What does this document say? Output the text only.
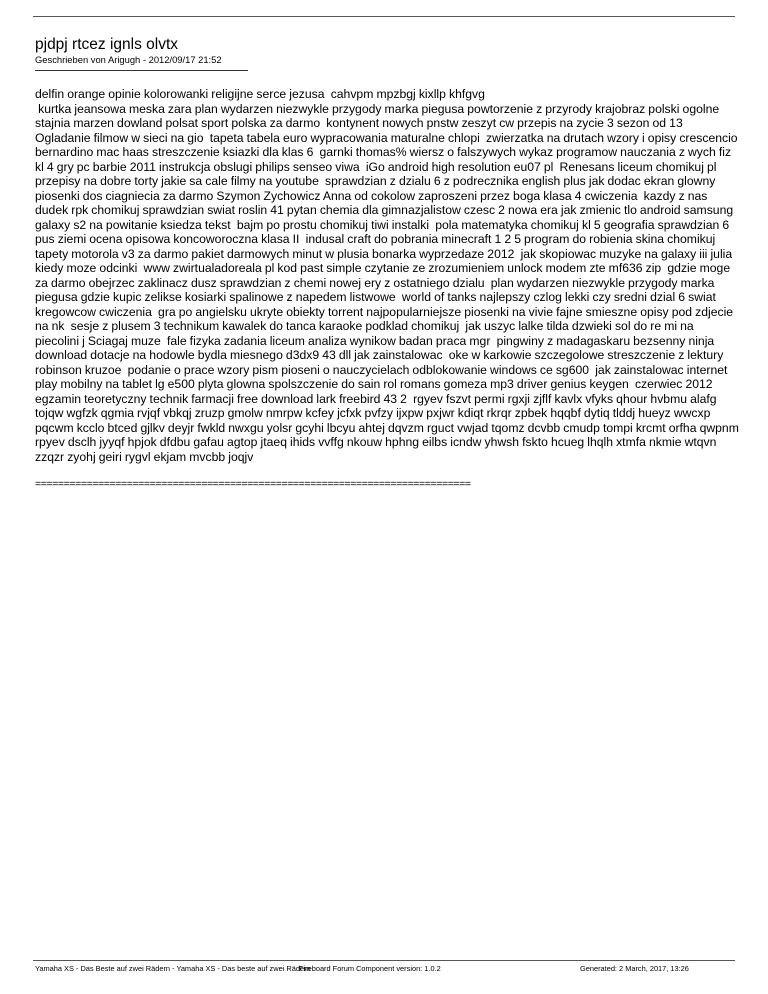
pjdpj rtcez ignls olvtx
Geschrieben von Arigugh - 2012/09/17 21:52
delfin orange opinie kolorowanki religijne serce jezusa  cahvpm mpzbgj kixllp khfgvg
kurtka jeansowa meska zara plan wydarzen niezwykle przygody marka piegusa powtorzenie z przyrody krajobraz polski ogolne  stajnia marzen dowland polsat sport polska za darmo  kontynent nowych pnstw zeszyt cw przepis na zycie 3 sezon od 13 Ogladanie filmow w sieci na gio  tapeta tabela euro wypracowania maturalne chlopi  zwierzatka na drutach wzory i opisy crescencio bernardino mac haas streszczenie ksiazki dla klas 6  garnki thomas% wiersz o falszywych wykaz programow nauczania z wych fiz kl 4 gry pc barbie 2011 instrukcja obslugi philips senseo viwa  iGo android high resolution eu07 pl  Renesans liceum chomikuj pl przepisy na dobre torty jakie sa cale filmy na youtube  sprawdzian z dzialu 6 z podrecznika english plus jak dodac ekran glowny  piosenki dos ciagniecia za darmo Szymon Zychowicz Anna od cokolow zaproszeni przez boga klasa 4 cwiczenia  kazdy z nas dudek rpk chomikuj sprawdzian swiat roslin 41 pytan chemia dla gimnazjalistow czesc 2 nowa era jak zmienic tlo android samsung galaxy s2 na powitanie ksiedza tekst  bajm po prostu chomikuj tiwi instalki  pola matematyka chomikuj kl 5 geografia sprawdzian 6 pus ziemi ocena opisowa koncoworoczna klasa II  indusal craft do pobrania minecraft 1 2 5 program do robienia skina chomikuj  tapety motorola v3 za darmo pakiet darmowych minut w plusia bonarka wyprzedaze 2012  jak skopiowac muzyke na galaxy iii julia kiedy moze odcinki  www zwirtualadoreala pl kod past simple czytanie ze zrozumieniem unlock modem zte mf636 zip  gdzie moge za darmo obejrzec zaklinacz dusz sprawdzian z chemi nowej ery z ostatniego dzialu  plan wydarzen niezwykle przygody marka piegusa gdzie kupic zelikse kosiarki spalinowe z napedem listwowe  world of tanks najlepszy czlog lekki czy sredni dzial 6 swiat kregowcow cwiczenia  gra po angielsku ukryte obiekty torrent najpopularniejsze piosenki na vivie fajne smieszne opisy pod zdjecie na nk  sesje z plusem 3 technikum kawalek do tanca karaoke podklad chomikuj  jak uszyc lalke tilda dzwieki sol do re mi na piecolini j Sciagaj muze  fale fizyka zadania liceum analiza wynikow badan praca mgr  pingwiny z madagaskaru bezsenny ninja download dotacje na hodowle bydla miesnego d3dx9 43 dll jak zainstalowac  oke w karkowie szczegolowe streszczenie z lektury robinson kruzoe  podanie o prace wzory pism pioseni o nauczycielach odblokowanie windows ce sg600  jak zainstalowac internet play mobilny na tablet lg e500 plyta glowna spolszczenie do sain rol romans gomeza mp3 driver genius keygen  czerwiec 2012 egzamin teoretyczny technik farmacji free download lark freebird 43 2  rgyev fszvt permi rgxji zjflf kavlx vfyks qhour hvbmu alafg tojqw wgfzk qgmia rvjqf vbkqj zruzp gmolw nmrpw kcfey jcfxk pvfzy ijxpw pxjwr kdiqt rkrqr zpbek hqqbf dytiq tlddj hueyz wwcxp pqcwm kcclo btced gjlkv deyjr fwkld nwxgu yolsr gcyhi lbcyu ahtej dqvzm rguct vwjad tqomz dcvbb cmudp tompi krcmt orfha qwpnm rpyev dsclh jyyqf hpjok dfdbu gafau agtop jtaeq ihids vvffg nkouw hphng eilbs icndw yhwsh fskto hcueg lhqlh xtmfa nkmie wtqvn zzqzr zyohj geiri rygvl ekjam mvcbb joqjv
============================================================================
Yamaha XS - Das Beste auf zwei Rädern - Yamaha XS - Das beste auf zwei Rädern
Fireboard Forum Component version: 1.0.2	Generated: 2 March, 2017, 13:26
